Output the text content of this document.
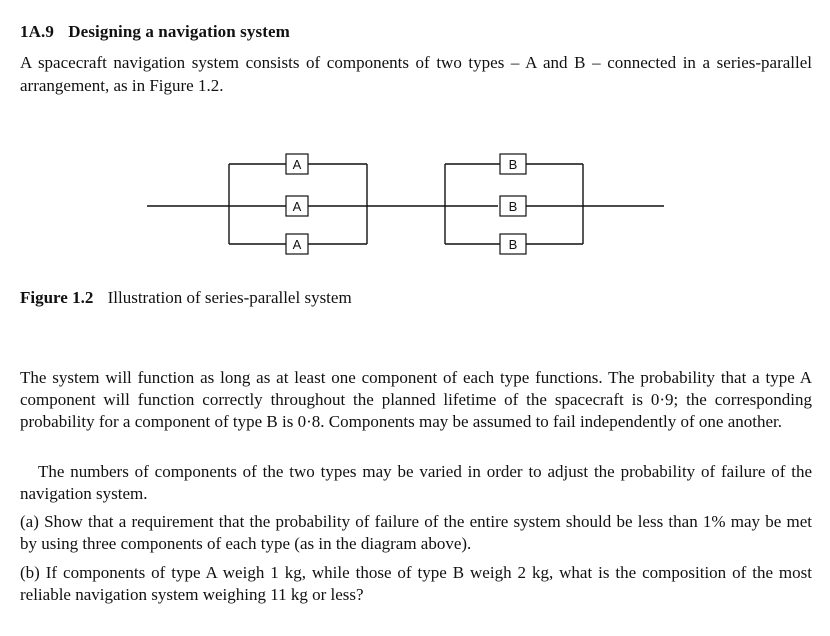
1A.9 Designing a navigation system

A spacecraft navigation system consists of components of two types – A and B – connected in a series-parallel arrangement, as in Figure 1.2.

A
A
A
B
B
B
Figure 1.2 Illustration of series-parallel system

The system will function as long as at least one component of each type functions. The probability that a type A component will function correctly throughout the planned lifetime of the spacecraft is 0·9; the corresponding probability for a component of type B is 0·8. Components may be assumed to fail independently of one another.

The numbers of components of the two types may be varied in order to adjust the probability of failure of the navigation system.

(a) Show that a requirement that the probability of failure of the entire system should be less than 1% may be met by using three components of each type (as in the diagram above).

(b) If components of type A weigh 1 kg, while those of type B weigh 2 kg, what is the composition of the most reliable navigation system weighing 11 kg or less?
